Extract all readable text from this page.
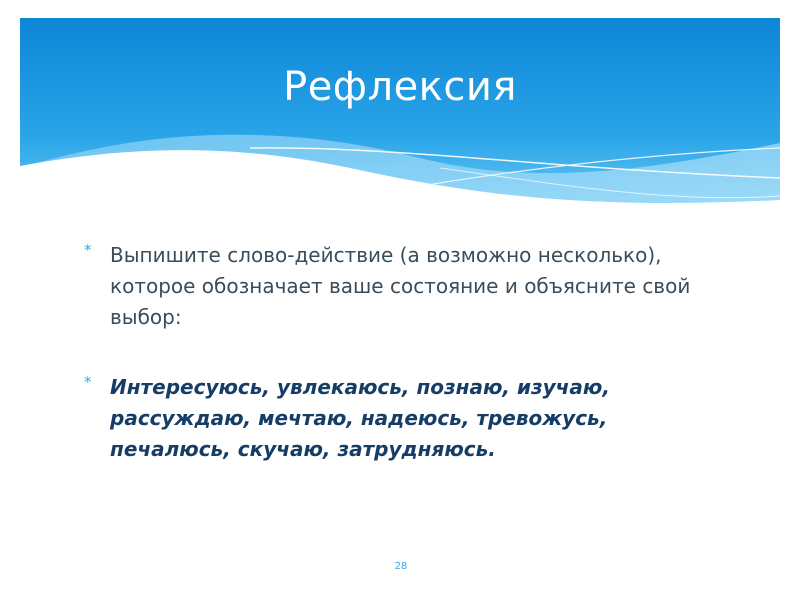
Рефлексия
* Выпишите слово-действие (а возможно несколько), которое обозначает ваше состояние и объясните свой выбор:
* Интересуюсь, увлекаюсь, познаю, изучаю, рассуждаю, мечтаю, надеюсь, тревожусь, печалюсь, скучаю, затрудняюсь.
28
